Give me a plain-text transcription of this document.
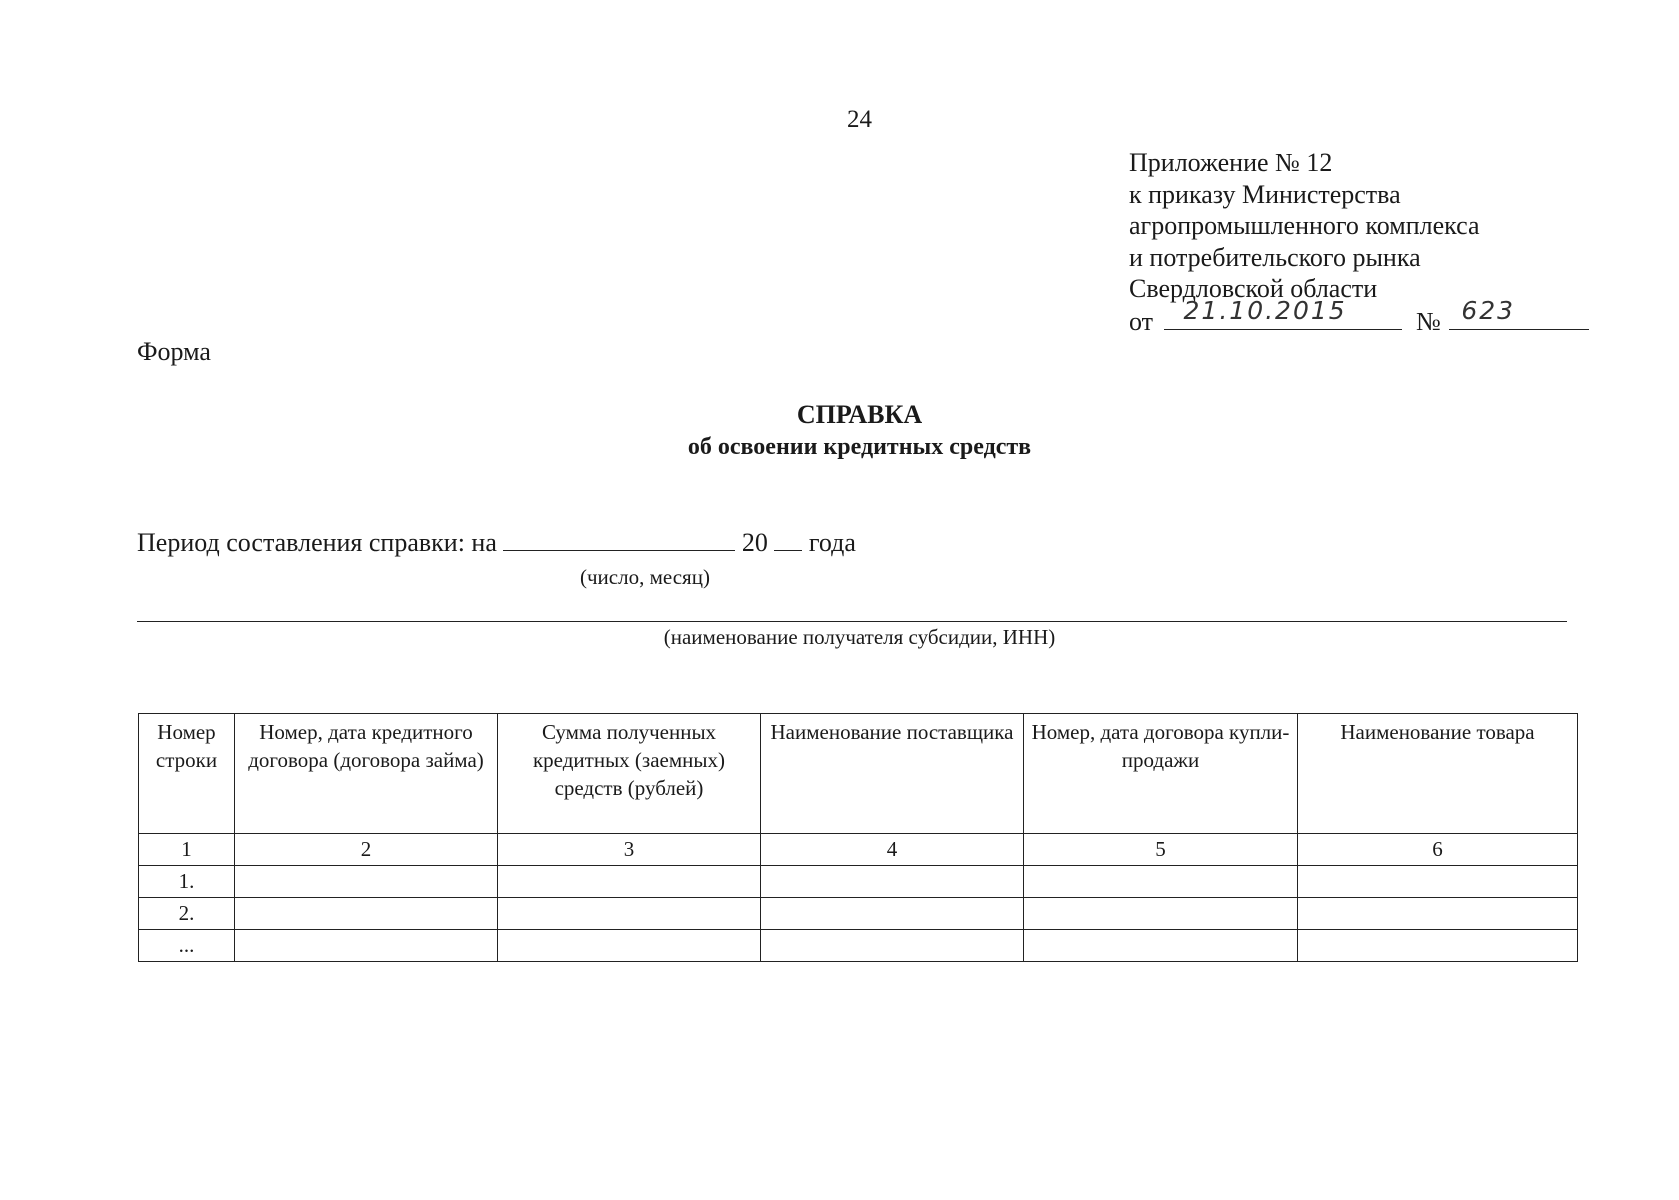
24
Приложение № 12
к приказу Министерства
агропромышленного комплекса
и потребительского рынка
Свердловской области
от 21.10.2015	№ 623
Форма
СПРАВКА
об освоении кредитных средств
Период составления справки: на	20 года
(число, месяц)
(наименование получателя субсидии, ИНН)
Номер строки	Номер, дата кредитного договора (договора займа)	Сумма полученных кредитных (заемных) средств (рублей)	Наименование поставщика	Номер, дата договора купли-продажи	Наименование товара
1	2	3	4	5	6
1.					
2.					
...					
